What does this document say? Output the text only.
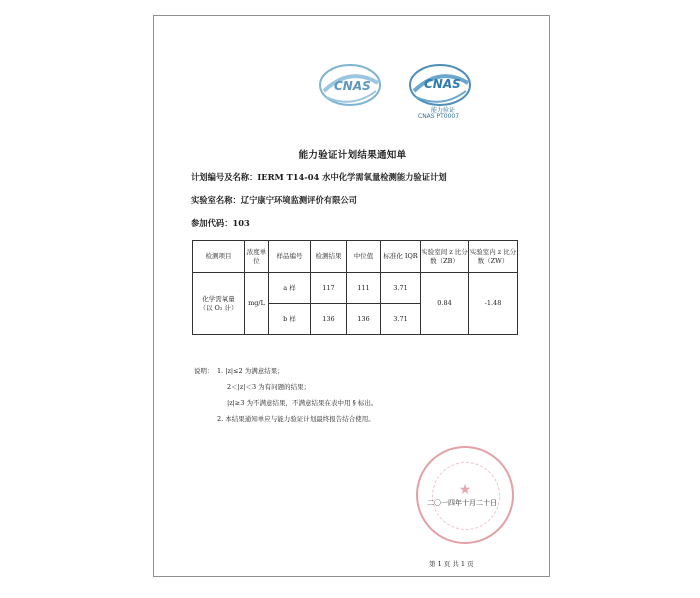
CNAS	CNAS
能力验证
CNAS PT0007
能力验证计划结果通知单
计划编号及名称：IERM T14-04 水中化学需氧量检测能力验证计划
实验室名称：辽宁康宁环境监测评价有限公司
参加代码：103
检测项目	浓度单位	样品编号	检测结果	中位值	标准化 IQR	实验室间 z 比分数（ZB）	实验室内 z 比分数（ZW）
化学需氧量（以 O₂ 计）	mg/L	a 样	117	111	3.71	0.84	-1.48
		b 样	136	136	3.71		
说明： 1. |z|≤2 为满意结果；
2＜|z|＜3 为有问题的结果；
|z|≥3 为不满意结果，不满意结果在表中用 § 标出。
2. 本结果通知单应与能力验证计划最终报告结合使用。
★
二〇一四年十月二十日
第 1 页 共 1 页
